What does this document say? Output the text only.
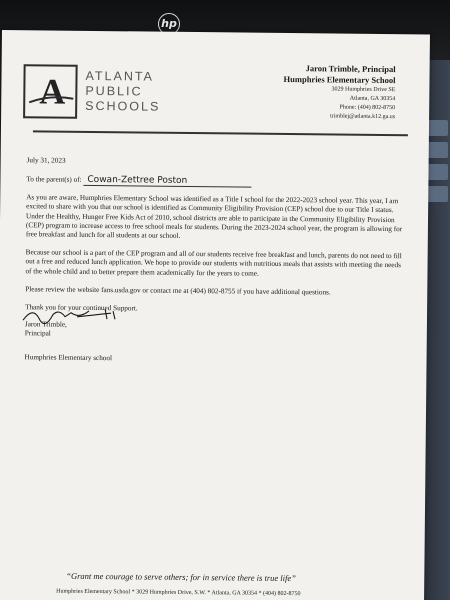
hp
A ATLANTA
PUBLIC
SCHOOLS
Jaron Trimble, Principal
Humphries Elementary School
3029 Humphries Drive SE
Atlanta, GA 30354
Phone: (404) 802-8750
trimblej@atlanta.k12.ga.us
July 31, 2023
To the parent(s) of: Cowan-Zettree Poston
As you are aware, Humphries Elementary School was identified as a Title I school for the 2022-2023 school year. This year, I am excited to share with you that our school is identified as Community Eligibility Provision (CEP) school due to our Title I status. Under the Healthy, Hunger Free Kids Act of 2010, school districts are able to participate in the Community Eligibility Provision (CEP) program to increase access to free school meals for students. During the 2023-2024 school year, the program is allowing for free breakfast and lunch for all students at our school.
Because our school is a part of the CEP program and all of our students receive free breakfast and lunch, parents do not need to fill out a free and reduced lunch application. We hope to provide our students with nutritious meals that assists with meeting the needs of the whole child and to better prepare them academically for the years to come.
Please review the website fans.usda.gov or contact me at (404) 802-8755 if you have additional questions.
Thank you for your continued Support.
Jaron Trimble,
Principal
Humphries Elementary school
“Grant me courage to serve others; for in service there is true life”
Humphries Elementary School * 3029 Humphries Drive, S.W. * Atlanta, GA 30354 * (404) 802-8750
